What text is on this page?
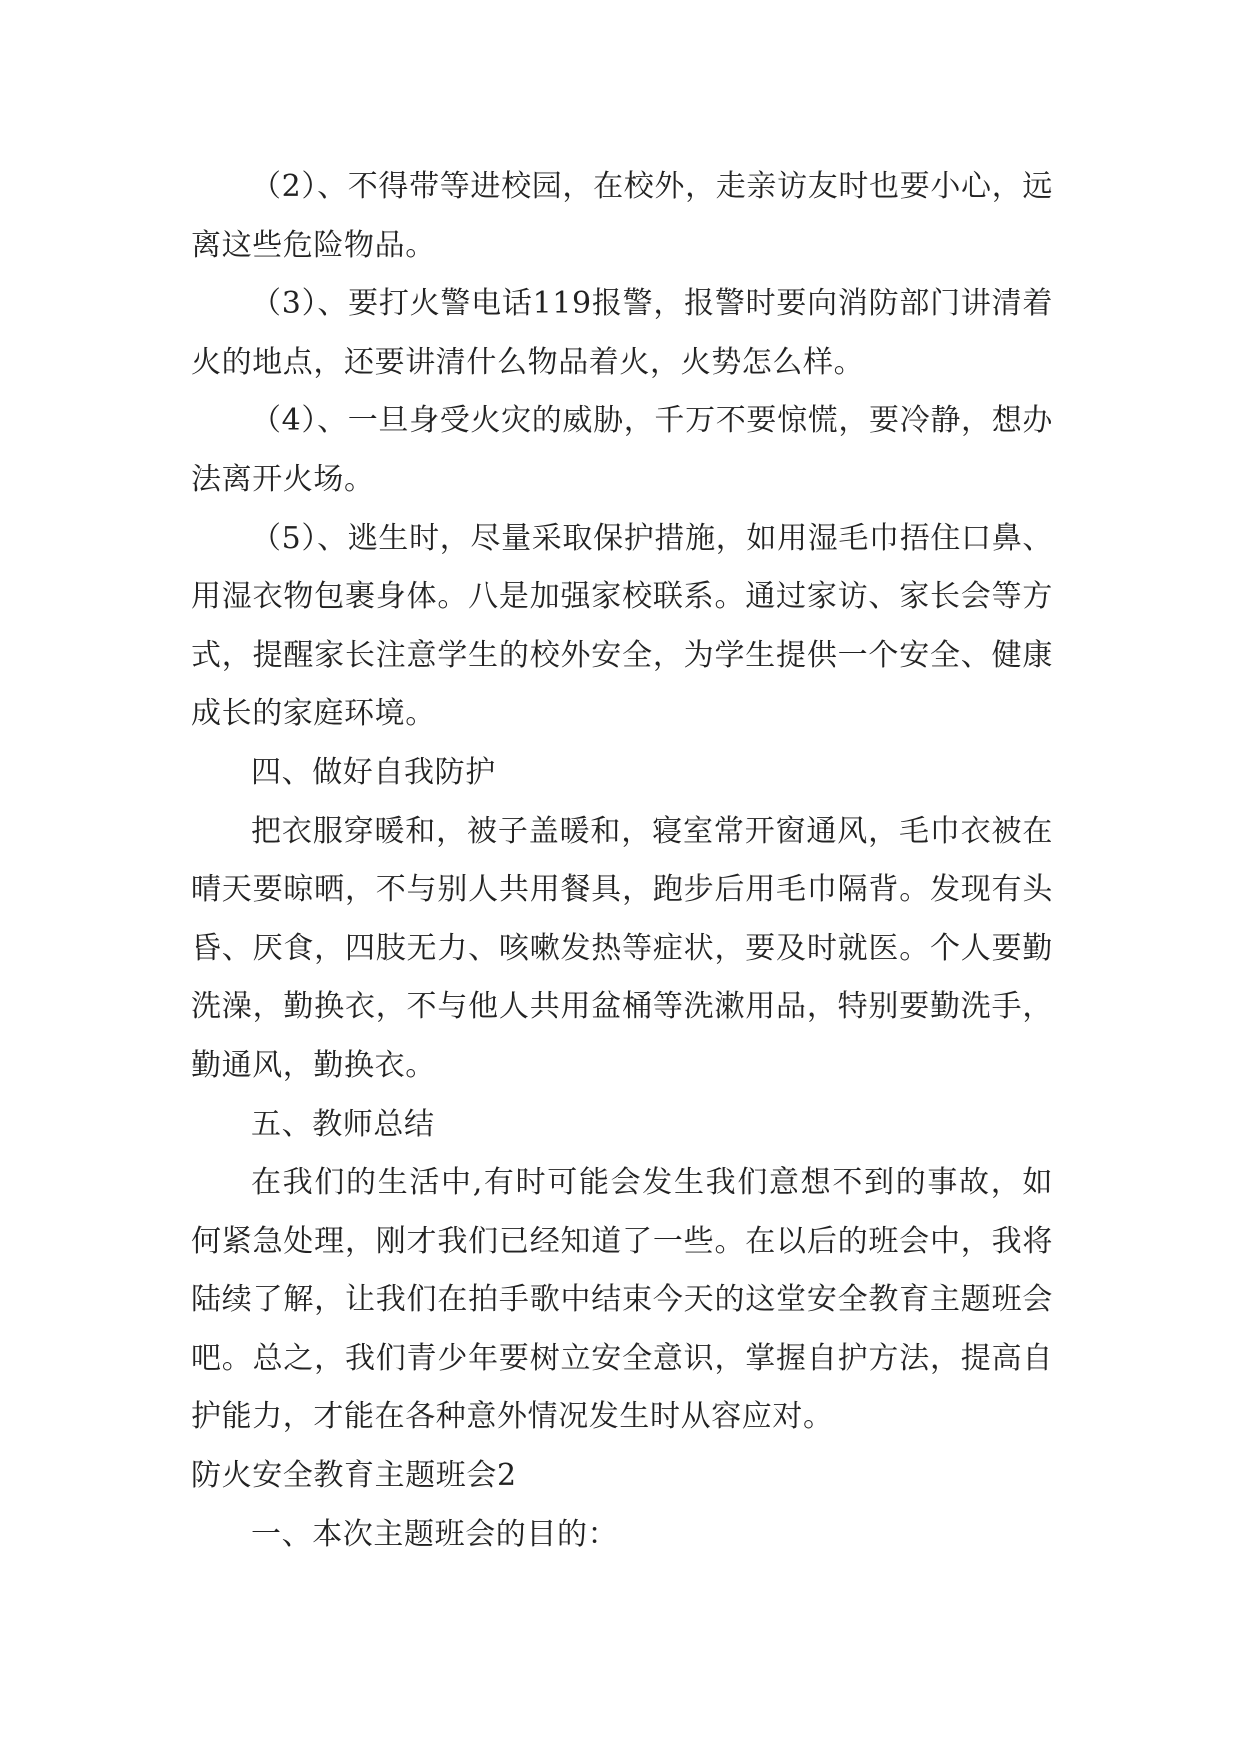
（2）、不得带等进校园，在校外，走亲访友时也要小心，远离这些危险物品。

（3）、要打火警电话119报警，报警时要向消防部门讲清着火的地点，还要讲清什么物品着火，火势怎么样。

（4）、一旦身受火灾的威胁，千万不要惊慌，要冷静，想办法离开火场。

（5）、逃生时，尽量采取保护措施，如用湿毛巾捂住口鼻、用湿衣物包裹身体。八是加强家校联系。通过家访、家长会等方式，提醒家长注意学生的校外安全，为学生提供一个安全、健康成长的家庭环境。

四、做好自我防护

把衣服穿暖和，被子盖暖和，寝室常开窗通风，毛巾衣被在晴天要晾晒，不与别人共用餐具，跑步后用毛巾隔背。发现有头昏、厌食，四肢无力、咳嗽发热等症状，要及时就医。个人要勤洗澡，勤换衣，不与他人共用盆桶等洗漱用品，特别要勤洗手，勤通风，勤换衣。

五、教师总结

在我们的生活中,有时可能会发生我们意想不到的事故，如何紧急处理，刚才我们已经知道了一些。在以后的班会中，我将陆续了解，让我们在拍手歌中结束今天的这堂安全教育主题班会吧。总之，我们青少年要树立安全意识，掌握自护方法，提高自护能力，才能在各种意外情况发生时从容应对。

防火安全教育主题班会2

一、本次主题班会的目的：
